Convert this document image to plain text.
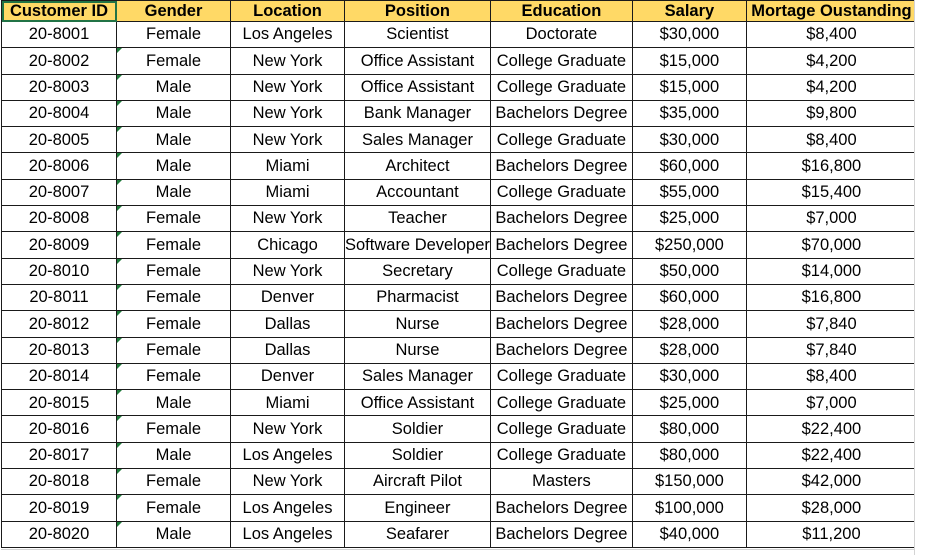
Customer ID	Gender	Location	Position	Education	Salary	Mortage Oustanding
20-8001	Female	Los Angeles	Scientist	Doctorate	$30,000	$8,400
20-8002	Female	New York	Office Assistant	College Graduate	$15,000	$4,200
20-8003	Male	New York	Office Assistant	College Graduate	$15,000	$4,200
20-8004	Male	New York	Bank Manager	Bachelors Degree	$35,000	$9,800
20-8005	Male	New York	Sales Manager	College Graduate	$30,000	$8,400
20-8006	Male	Miami	Architect	Bachelors Degree	$60,000	$16,800
20-8007	Male	Miami	Accountant	College Graduate	$55,000	$15,400
20-8008	Female	New York	Teacher	Bachelors Degree	$25,000	$7,000
20-8009	Female	Chicago	Software Developer	Bachelors Degree	$250,000	$70,000
20-8010	Female	New York	Secretary	College Graduate	$50,000	$14,000
20-8011	Female	Denver	Pharmacist	Bachelors Degree	$60,000	$16,800
20-8012	Female	Dallas	Nurse	Bachelors Degree	$28,000	$7,840
20-8013	Female	Dallas	Nurse	Bachelors Degree	$28,000	$7,840
20-8014	Female	Denver	Sales Manager	College Graduate	$30,000	$8,400
20-8015	Male	Miami	Office Assistant	College Graduate	$25,000	$7,000
20-8016	Female	New York	Soldier	College Graduate	$80,000	$22,400
20-8017	Male	Los Angeles	Soldier	College Graduate	$80,000	$22,400
20-8018	Female	New York	Aircraft Pilot	Masters	$150,000	$42,000
20-8019	Female	Los Angeles	Engineer	Bachelors Degree	$100,000	$28,000
20-8020	Male	Los Angeles	Seafarer	Bachelors Degree	$40,000	$11,200
